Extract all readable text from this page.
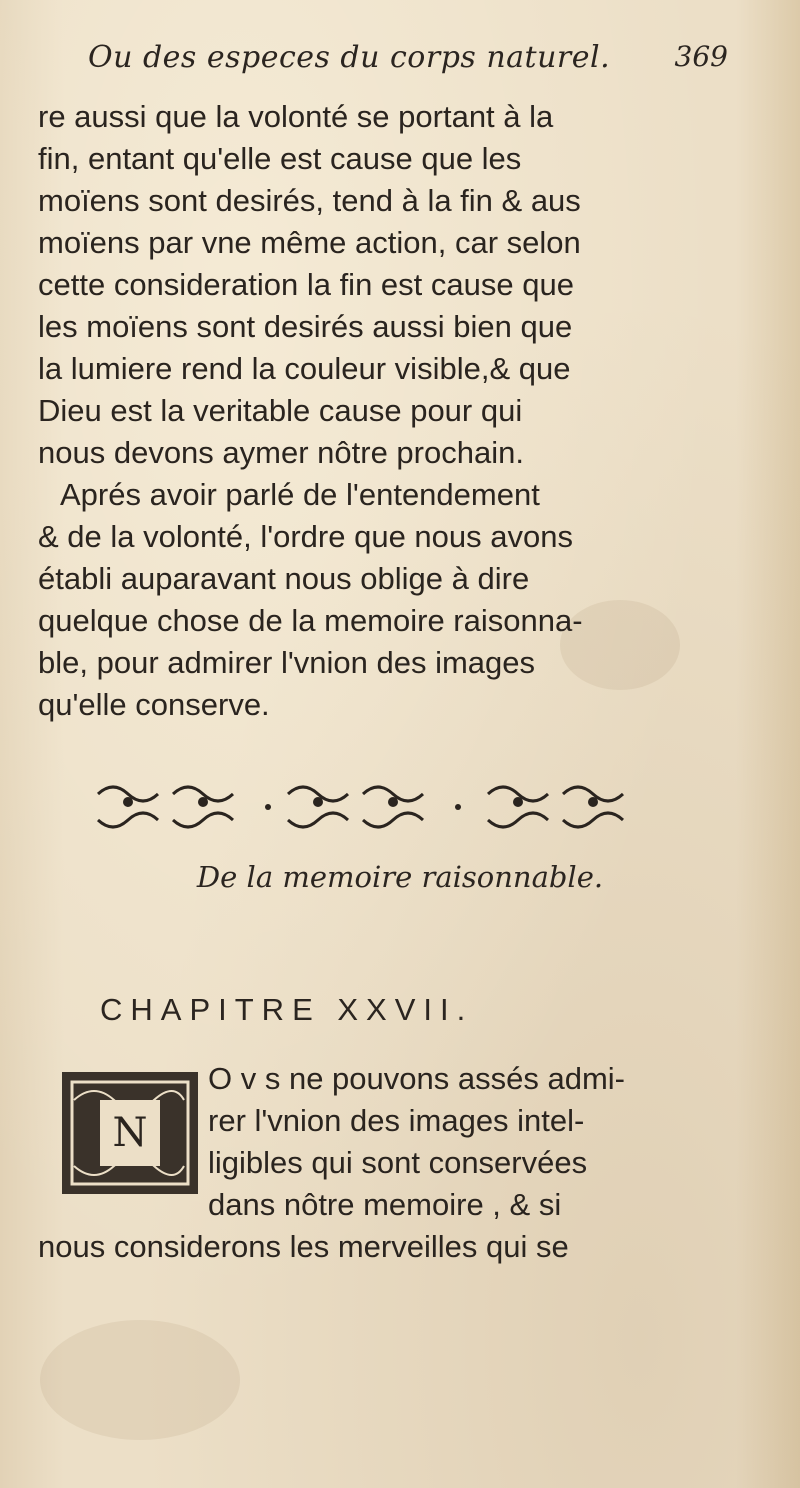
Ou des especes du corps naturel. 369

re aussi que la volonté se portant à la
fin, entant qu'elle est cause que les
moïens sont desirés, tend à la fin & aus
moïens par vne même action, car selon
cette consideration la fin est cause que
les moïens sont desirés aussi bien que
la lumiere rend la couleur visible,& que
Dieu est la veritable cause pour qui
nous devons aymer nôtre prochain.

Aprés avoir parlé de l'entendement
& de la volonté, l'ordre que nous avons
établi auparavant nous oblige à dire
quelque chose de la memoire raisonna-
ble, pour admirer l'vnion des images
qu'elle conserve.

De la memoire raisonnable.
CHAPITRE XXVII.
N
O v s ne pouvons assés admi-
rer l'vnion des images intel-
ligibles qui sont conservées
dans nôtre memoire , & si
nous considerons les merveilles qui se
